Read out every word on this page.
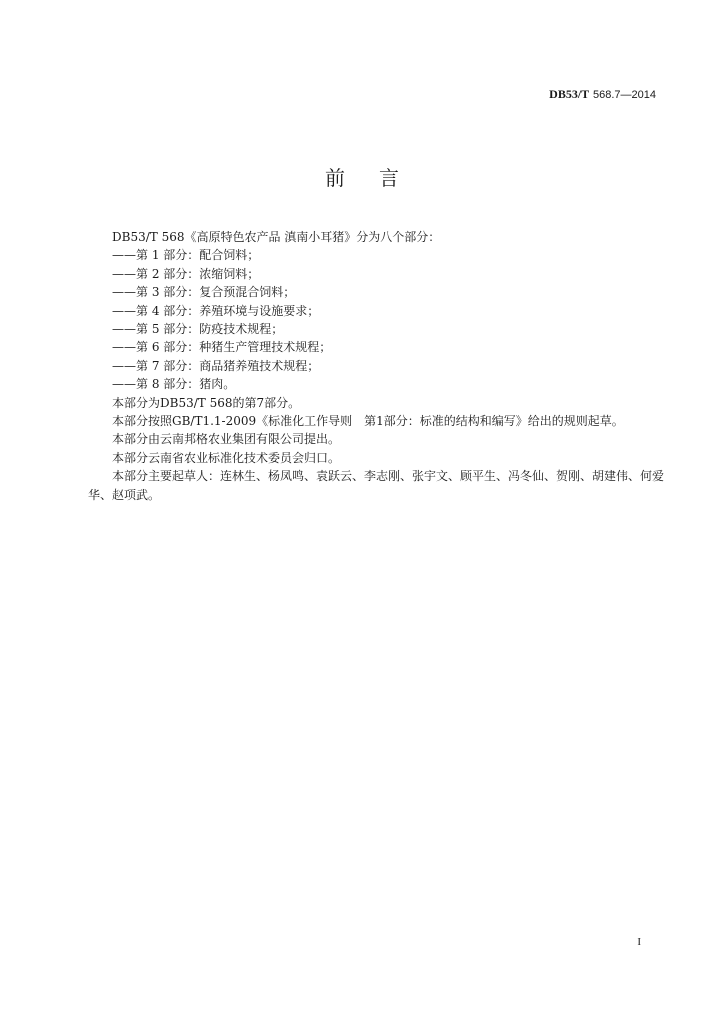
DB53/T 568.7—2014
前言
DB53/T 568《高原特色农产品 滇南小耳猪》分为八个部分：
——第 1 部分：配合饲料；
——第 2 部分：浓缩饲料；
——第 3 部分：复合预混合饲料；
——第 4 部分：养殖环境与设施要求；
——第 5 部分：防疫技术规程；
——第 6 部分：种猪生产管理技术规程；
——第 7 部分：商品猪养殖技术规程；
——第 8 部分：猪肉。
本部分为DB53/T 568的第7部分。
本部分按照GB/T1.1-2009《标准化工作导则　第1部分：标准的结构和编写》给出的规则起草。
本部分由云南邦格农业集团有限公司提出。
本部分云南省农业标准化技术委员会归口。
本部分主要起草人：连林生、杨凤鸣、袁跃云、李志刚、张宇文、顾平生、冯冬仙、贺刚、胡建伟、何爱华、赵项武。
I
